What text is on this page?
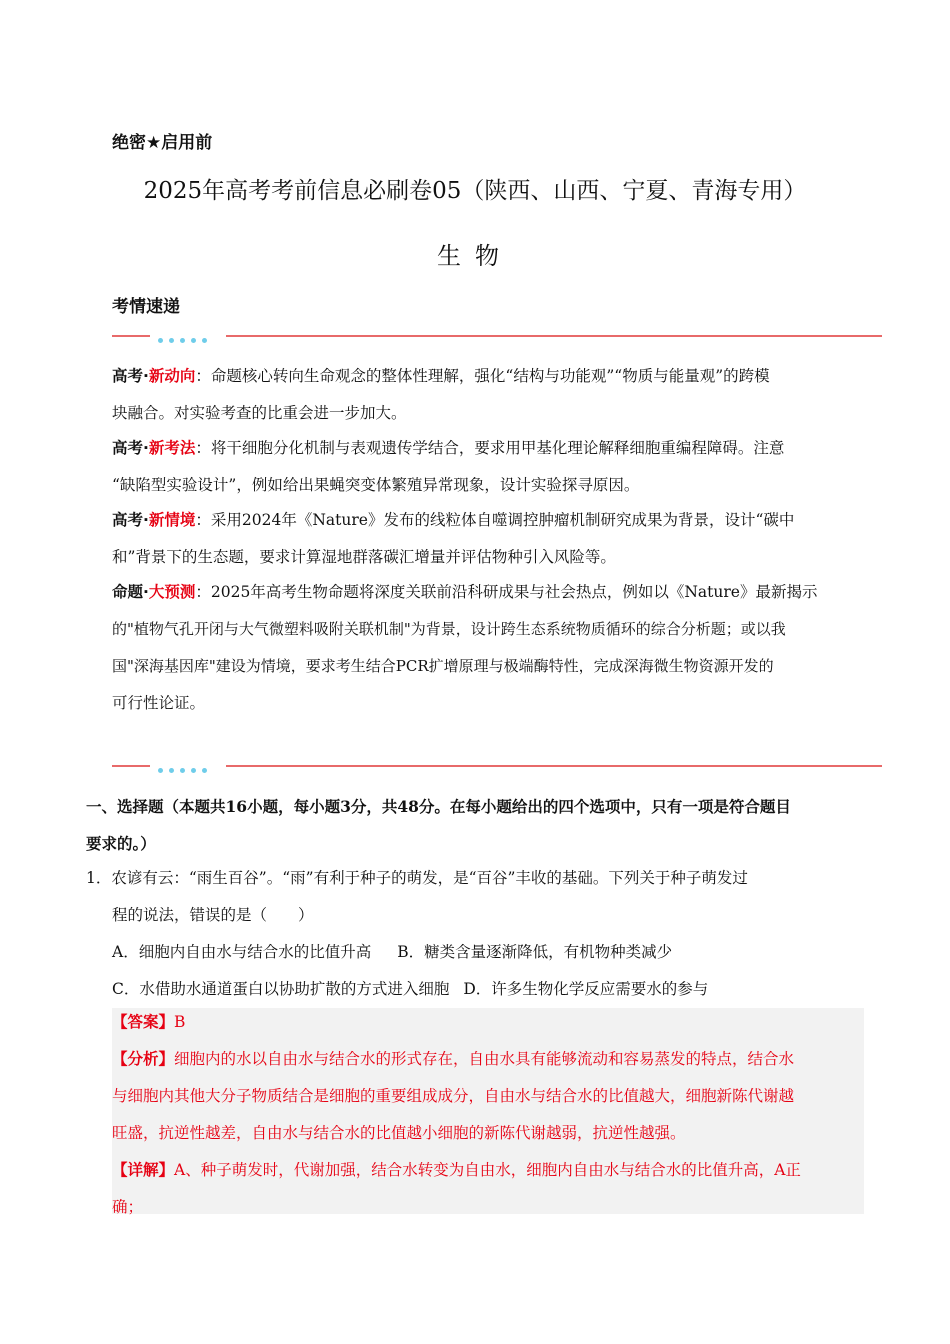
绝密★启用前
2025年高考考前信息必刷卷05（陕西、山西、宁夏、青海专用）
生物
考情速递
高考·新动向：命题核心转向生命观念的整体性理解，强化“结构与功能观”“物质与能量观”的跨模
块融合。对实验考查的比重会进一步加大。
高考·新考法：将干细胞分化机制与表观遗传学结合，要求用甲基化理论解释细胞重编程障碍。注意
“缺陷型实验设计”，例如给出果蝇突变体繁殖异常现象，设计实验探寻原因。
高考·新情境：采用2024年《Nature》发布的线粒体自噬调控肿瘤机制研究成果为背景，设计“碳中
和”背景下的生态题，要求计算湿地群落碳汇增量并评估物种引入风险等。
命题·大预测：2025年高考生物命题将深度关联前沿科研成果与社会热点，例如以《Nature》最新揭示
的"植物气孔开闭与大气微塑料吸附关联机制"为背景，设计跨生态系统物质循环的综合分析题；或以我
国"深海基因库"建设为情境，要求考生结合PCR扩增原理与极端酶特性，完成深海微生物资源开发的
可行性论证。
一、选择题（本题共16小题，每小题3分，共48分。在每小题给出的四个选项中，只有一项是符合题目
要求的。）
1．农谚有云：“雨生百谷”。“雨”有利于种子的萌发，是“百谷”丰收的基础。下列关于种子萌发过
程的说法，错误的是（　　）
A．细胞内自由水与结合水的比值升高 B．糖类含量逐渐降低，有机物种类减少
C．水借助水通道蛋白以协助扩散的方式进入细胞 D．许多生物化学反应需要水的参与
【答案】B
【分析】细胞内的水以自由水与结合水的形式存在，自由水具有能够流动和容易蒸发的特点，结合水
与细胞内其他大分子物质结合是细胞的重要组成成分，自由水与结合水的比值越大，细胞新陈代谢越
旺盛，抗逆性越差，自由水与结合水的比值越小细胞的新陈代谢越弱，抗逆性越强。
【详解】A、种子萌发时，代谢加强，结合水转变为自由水，细胞内自由水与结合水的比值升高，A正
确；
